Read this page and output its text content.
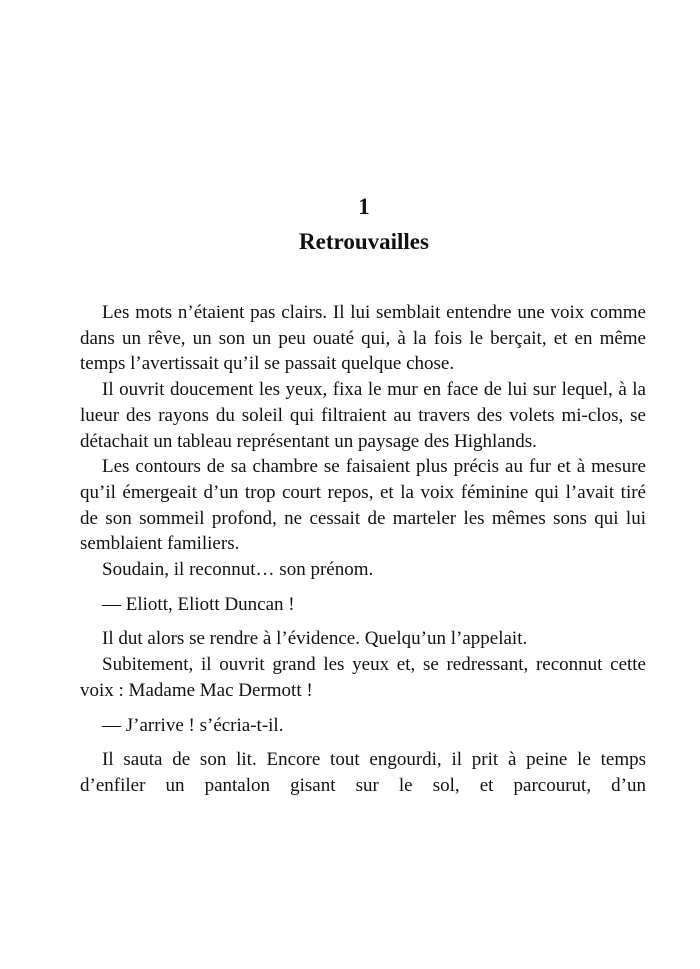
1
Retrouvailles

Les mots n’étaient pas clairs. Il lui semblait entendre une voix comme dans un rêve, un son un peu ouaté qui, à la fois le berçait, et en même temps l’avertissait qu’il se passait quelque chose.

Il ouvrit doucement les yeux, fixa le mur en face de lui sur lequel, à la lueur des rayons du soleil qui filtraient au travers des volets mi-clos, se détachait un tableau représentant un paysage des Highlands.

Les contours de sa chambre se faisaient plus précis au fur et à mesure qu’il émergeait d’un trop court repos, et la voix féminine qui l’avait tiré de son sommeil profond, ne cessait de marteler les mêmes sons qui lui semblaient familiers.

Soudain, il reconnut… son prénom.

— Eliott, Eliott Duncan !

Il dut alors se rendre à l’évidence. Quelqu’un l’appelait.

Subitement, il ouvrit grand les yeux et, se redressant, reconnut cette voix : Madame Mac Dermott !

— J’arrive ! s’écria-t-il.

Il sauta de son lit. Encore tout engourdi, il prit à peine le temps d’enfiler un pantalon gisant sur le sol, et parcourut, d’un
